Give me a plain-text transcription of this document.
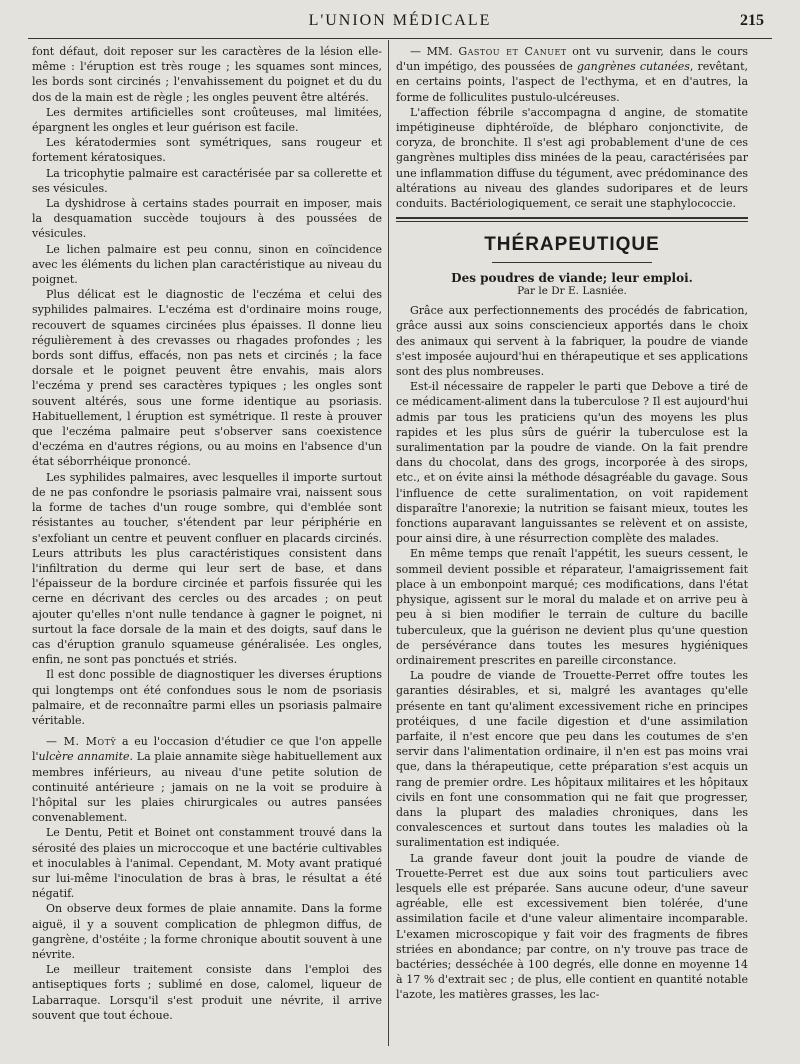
L'UNION MÉDICALE	215

font défaut, doit reposer sur les caractères de la lésion elle-même : l'éruption est très rouge ; les squames sont minces, les bords sont circinés ; l'envahissement du poignet et du du dos de la main est de règle ; les ongles peuvent être altérés.

Les dermites artificielles sont croûteuses, mal limitées, épargnent les ongles et leur guérison est facile.

Les kératodermies sont symétriques, sans rougeur et fortement kératosiques.

La tricophytie palmaire est caractérisée par sa collerette et ses vésicules.

La dyshidrose à certains stades pourrait en imposer, mais la desquamation succède toujours à des poussées de vésicules.

Le lichen palmaire est peu connu, sinon en coïncidence avec les éléments du lichen plan caractéristique au niveau du poignet.

Plus délicat est le diagnostic de l'eczéma et celui des syphilides palmaires. L'eczéma est d'ordinaire moins rouge, recouvert de squames circinées plus épaisses. Il donne lieu régulièrement à des crevasses ou rhagades profondes ; les bords sont diffus, effacés, non pas nets et circinés ; la face dorsale et le poignet peuvent être envahis, mais alors l'eczéma y prend ses caractères typiques ; les ongles sont souvent altérés, sous une forme identique au psoriasis. Habituellement, l éruption est symétrique. Il reste à prouver que l'eczéma palmaire peut s'observer sans coexistence d'eczéma en d'autres régions, ou au moins en l'absence d'un état séborrhéique prononcé.

Les syphilides palmaires, avec lesquelles il importe surtout de ne pas confondre le psoriasis palmaire vrai, naissent sous la forme de taches d'un rouge sombre, qui d'emblée sont résistantes au toucher, s'étendent par leur périphérie en s'exfoliant un centre et peuvent confluer en placards circinés. Leurs attributs les plus caractéristiques consistent dans l'infiltration du derme qui leur sert de base, et dans l'épaisseur de la bordure circinée et parfois fissurée qui les cerne en décrivant des cercles ou des arcades ; on peut ajouter qu'elles n'ont nulle tendance à gagner le poignet, ni surtout la face dorsale de la main et des doigts, sauf dans le cas d'éruption granulo squameuse généralisée. Les ongles, enfin, ne sont pas ponctués et striés.

Il est donc possible de diagnostiquer les diverses éruptions qui longtemps ont été confondues sous le nom de psoriasis palmaire, et de reconnaître parmi elles un psoriasis palmaire véritable.

— M. Motÿ a eu l'occasion d'étudier ce que l'on appelle l'ulcère annamite. La plaie annamite siège habituellement aux membres inférieurs, au niveau d'une petite solution de continuité antérieure ; jamais on ne la voit se produire à l'hôpital sur les plaies chirurgicales ou autres pansées convenablement.

Le Dentu, Petit et Boinet ont constamment trouvé dans la sérosité des plaies un microccoque et une bactérie cultivables et inoculables à l'animal. Cependant, M. Moty avant pratiqué sur lui-même l'inoculation de bras à bras, le résultat a été négatif.

On observe deux formes de plaie annamite. Dans la forme aiguë, il y a souvent complication de phlegmon diffus, de gangrène, d'ostéite ; la forme chronique aboutit souvent à une névrite.

Le meilleur traitement consiste dans l'emploi des antiseptiques forts ; sublimé en dose, calomel, liqueur de Labarraque. Lorsqu'il s'est produit une névrite, il arrive souvent que tout échoue.

— MM. Gastou et Canuet ont vu survenir, dans le cours d'un impétigo, des poussées de gangrènes cutanées, revêtant, en certains points, l'aspect de l'ecthyma, et en d'autres, la forme de folliculites pustulo-ulcéreuses.

L'affection fébrile s'accompagna d angine, de stomatite impétigineuse diphtéroïde, de blépharo conjonctivite, de coryza, de bronchite. Il s'est agi probablement d'une de ces gangrènes multiples diss minées de la peau, caractérisées par une inflammation diffuse du tégument, avec prédominance des altérations au niveau des glandes sudoripares et de leurs conduits. Bactériologiquement, ce serait une staphylococcie.

THÉRAPEUTIQUE
Des poudres de viande; leur emploi.
Par le Dr E. Lasniée.

Grâce aux perfectionnements des procédés de fabrication, grâce aussi aux soins consciencieux apportés dans le choix des animaux qui servent à la fabriquer, la poudre de viande s'est imposée aujourd'hui en thérapeutique et ses applications sont des plus nombreuses.

Est-il nécessaire de rappeler le parti que Debove a tiré de ce médicament-aliment dans la tuberculose ? Il est aujourd'hui admis par tous les praticiens qu'un des moyens les plus rapides et les plus sûrs de guérir la tuberculose est la suralimentation par la poudre de viande. On la fait prendre dans du chocolat, dans des grogs, incorporée à des sirops, etc., et on évite ainsi la méthode désagréable du gavage. Sous l'influence de cette suralimentation, on voit rapidement disparaître l'anorexie; la nutrition se faisant mieux, toutes les fonctions auparavant languissantes se relèvent et on assiste, pour ainsi dire, à une résurrection complète des malades.

En même temps que renaît l'appétit, les sueurs cessent, le sommeil devient possible et réparateur, l'amaigrissement fait place à un embonpoint marqué; ces modifications, dans l'état physique, agissent sur le moral du malade et on arrive peu à peu à si bien modifier le terrain de culture du bacille tuberculeux, que la guérison ne devient plus qu'une question de persévérance dans toutes les mesures hygiéniques ordinairement prescrites en pareille circonstance.

La poudre de viande de Trouette-Perret offre toutes les garanties désirables, et si, malgré les avantages qu'elle présente en tant qu'aliment excessivement riche en principes protéiques, d une facile digestion et d'une assimilation parfaite, il n'est encore que peu dans les coutumes de s'en servir dans l'alimentation ordinaire, il n'en est pas moins vrai que, dans la thérapeutique, cette préparation s'est acquis un rang de premier ordre. Les hôpitaux militaires et les hôpitaux civils en font une consommation qui ne fait que progresser, dans la plupart des maladies chroniques, dans les convalescences et surtout dans toutes les maladies où la suralimentation est indiquée.

La grande faveur dont jouit la poudre de viande de Trouette-Perret est due aux soins tout particuliers avec lesquels elle est préparée. Sans aucune odeur, d'une saveur agréable, elle est excessivement bien tolérée, d'une assimilation facile et d'une valeur alimentaire incomparable. L'examen microscopique y fait voir des fragments de fibres striées en abondance; par contre, on n'y trouve pas trace de bactéries; desséchée à 100 degrés, elle donne en moyenne 14 à 17 % d'extrait sec ; de plus, elle contient en quantité notable l'azote, les matières grasses, les lac-
